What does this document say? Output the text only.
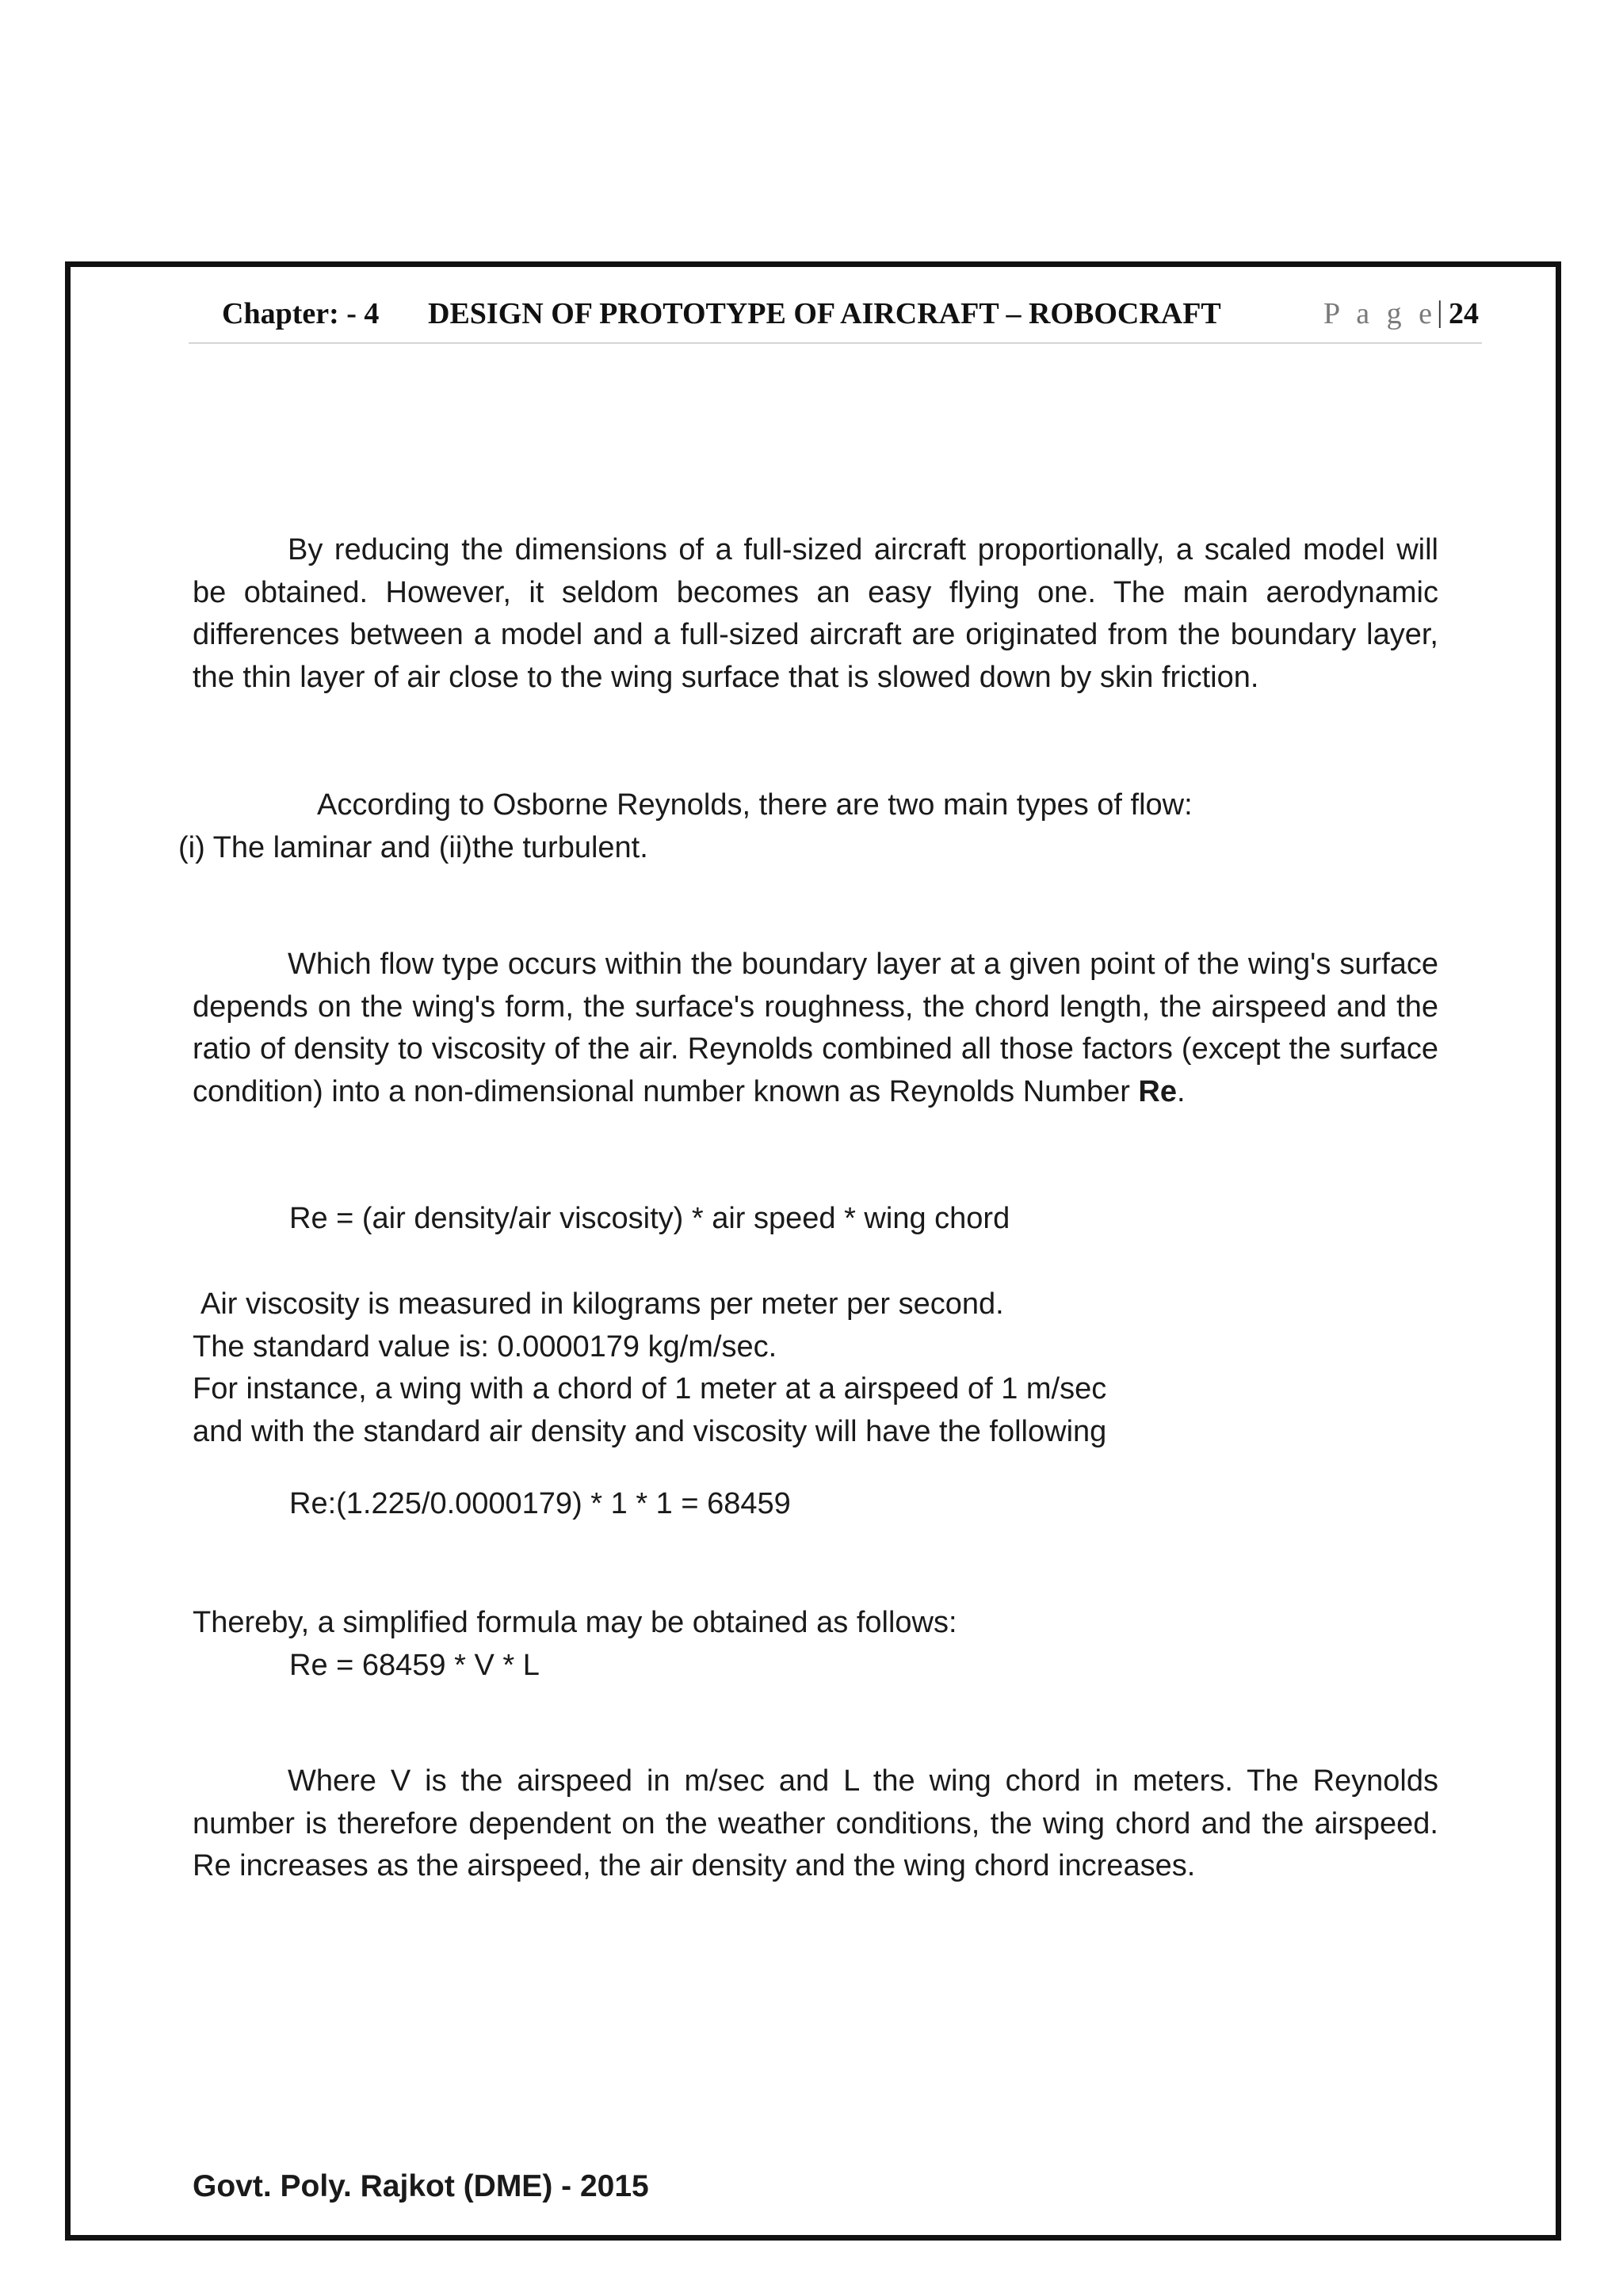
Chapter: - 4 DESIGN OF PROTOTYPE OF AIRCRAFT – ROBOCRAFT	P a g e | 24

By reducing the dimensions of a full-sized aircraft proportionally, a scaled model will be obtained. However, it seldom becomes an easy flying one. The main aerodynamic differences between a model and a full-sized aircraft are originated from the boundary layer, the thin layer of air close to the wing surface that is slowed down by skin friction.

According to Osborne Reynolds, there are two main types of flow:
(i) The laminar and (ii)the turbulent.

Which flow type occurs within the boundary layer at a given point of the wing's surface depends on the wing's form, the surface's roughness, the chord length, the airspeed and the ratio of density to viscosity of the air. Reynolds combined all those factors (except the surface condition) into a non-dimensional number known as Reynolds Number Re.

Re = (air density/air viscosity) * air speed * wing chord
Air viscosity is measured in kilograms per meter per second.
The standard value is: 0.0000179 kg/m/sec.
For instance, a wing with a chord of 1 meter at a airspeed of 1 m/sec
and with the standard air density and viscosity will have the following
Re:(1.225/0.0000179) * 1 * 1 = 68459
Thereby, a simplified formula may be obtained as follows:
Re = 68459 * V * L

Where V is the airspeed in m/sec and L the wing chord in meters. The Reynolds number is therefore dependent on the weather conditions, the wing chord and the airspeed. Re increases as the airspeed, the air density and the wing chord increases.

Govt. Poly. Rajkot (DME) - 2015
